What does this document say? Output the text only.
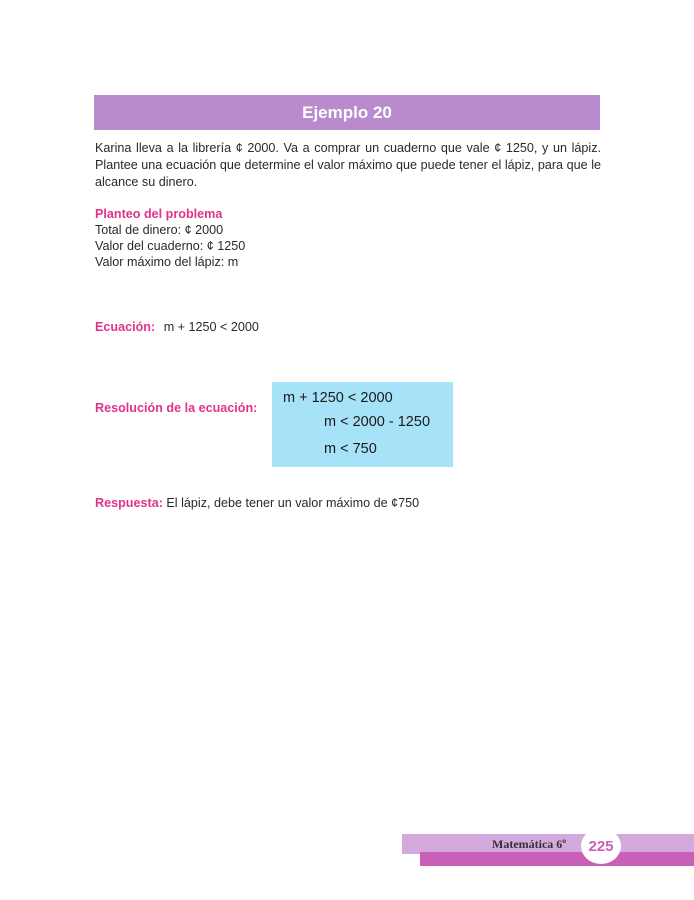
Ejemplo 20

Karina lleva a la librería ¢ 2000. Va a comprar un cuaderno que vale ¢ 1250, y un lápiz. Plantee una ecuación que determine el valor máximo que puede tener el lápiz, para que le alcance su dinero.

Planteo del problema
Total de dinero: ¢ 2000
Valor del cuaderno: ¢ 1250
Valor máximo del lápiz: m
Ecuación: m + 1250 < 2000
Resolución de la ecuación:
m + 1250 < 2000
m < 2000 - 1250
m < 750
Respuesta: El lápiz, debe tener un valor máximo de ¢750
Matemática 6º 225
